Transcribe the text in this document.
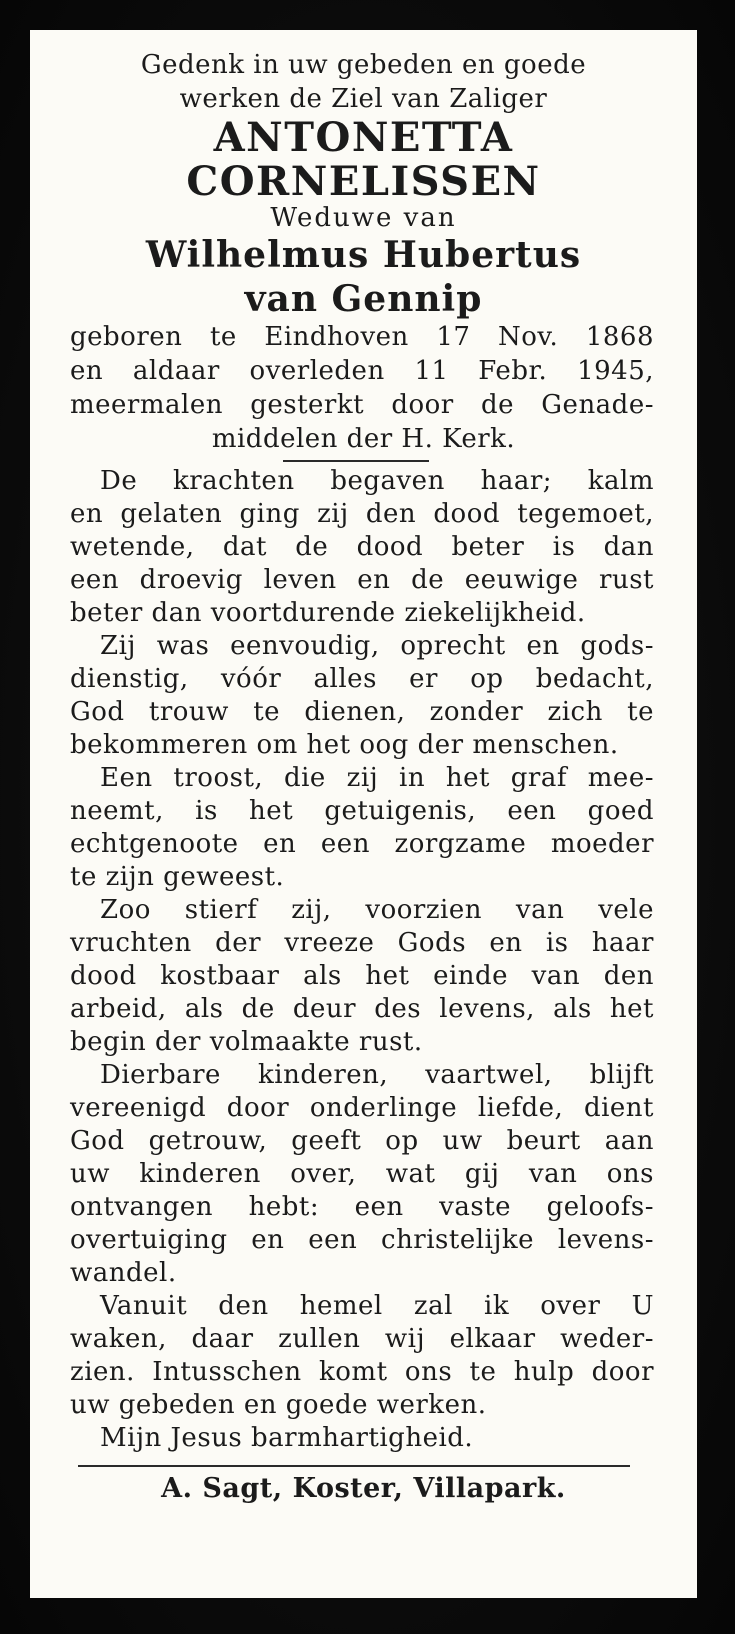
Gedenk in uw gebeden en goede
werken de Ziel van Zaliger
ANTONETTA
CORNELISSEN
Weduwe van
Wilhelmus Hubertus
van Gennip
geboren te Eindhoven 17 Nov. 1868
en aldaar overleden 11 Febr. 1945,
meermalen gesterkt door de Genade-
middelen der H. Kerk.
De krachten begaven haar; kalm
en gelaten ging zij den dood tegemoet,
wetende, dat de dood beter is dan
een droevig leven en de eeuwige rust
beter dan voortdurende ziekelijkheid.
Zij was eenvoudig, oprecht en gods-
dienstig, vóór alles er op bedacht,
God trouw te dienen, zonder zich te
bekommeren om het oog der menschen.
Een troost, die zij in het graf mee-
neemt, is het getuigenis, een goed
echtgenoote en een zorgzame moeder
te zijn geweest.
Zoo stierf zij, voorzien van vele
vruchten der vreeze Gods en is haar
dood kostbaar als het einde van den
arbeid, als de deur des levens, als het
begin der volmaakte rust.
Dierbare kinderen, vaartwel, blijft
vereenigd door onderlinge liefde, dient
God getrouw, geeft op uw beurt aan
uw kinderen over, wat gij van ons
ontvangen hebt: een vaste geloofs-
overtuiging en een christelijke levens-
wandel.
Vanuit den hemel zal ik over U
waken, daar zullen wij elkaar weder-
zien. Intusschen komt ons te hulp door
uw gebeden en goede werken.
Mijn Jesus barmhartigheid.
A. Sagt, Koster, Villapark.
